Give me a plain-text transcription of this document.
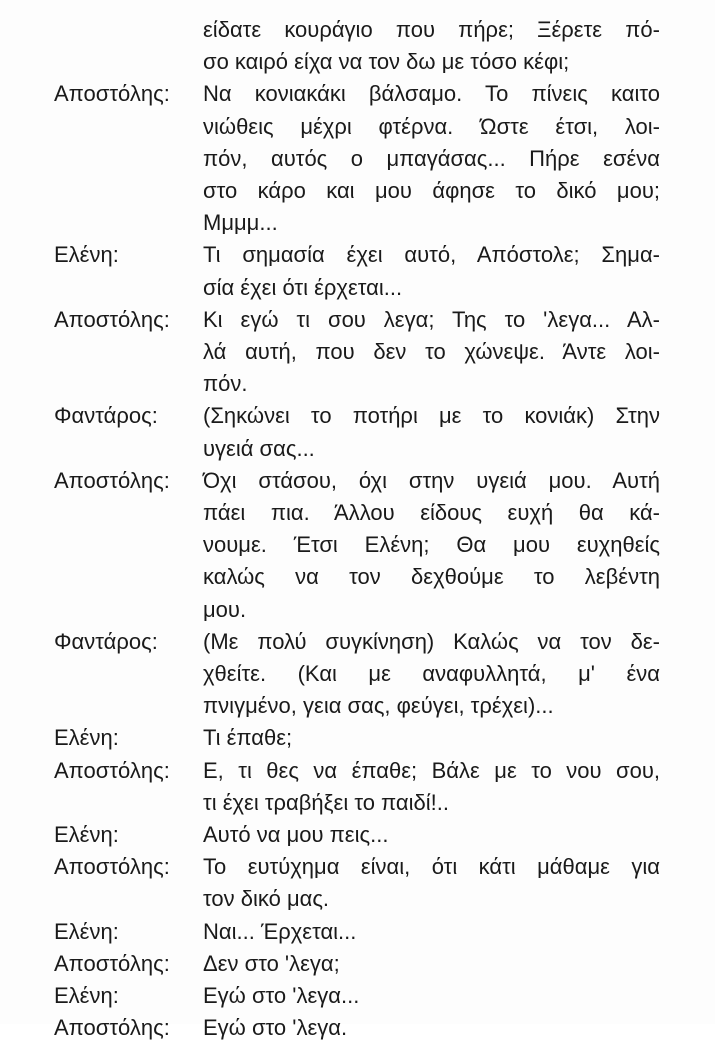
είδατε κουράγιο που πήρε; Ξέρετε πό-
σο καιρό είχα να τον δω με τόσο κέφι;
Αποστόλης:	Να κονιακάκι βάλσαμο. Το πίνεις καιτο
νιώθεις μέχρι φτέρνα. Ώστε έτσι, λοι-
πόν, αυτός ο μπαγάσας... Πήρε εσένα
στο κάρο και μου άφησε το δικό μου;
Μμμμ...
Ελένη:	Τι σημασία έχει αυτό, Απόστολε; Σημα-
σία έχει ότι έρχεται...
Αποστόλης:	Κι εγώ τι σου λεγα; Της το 'λεγα... Αλ-
λά αυτή, που δεν το χώνεψε. Άντε λοι-
πόν.
Φαντάρος:	(Σηκώνει το ποτήρι με το κονιάκ) Στην
υγειά σας...
Αποστόλης:	Όχι στάσου, όχι στην υγειά μου. Αυτή
πάει πια. Άλλου είδους ευχή θα κά-
νουμε. Έτσι Ελένη; Θα μου ευχηθείς
καλώς να τον δεχθούμε το λεβέντη
μου.
Φαντάρος:	(Με πολύ συγκίνηση) Καλώς να τον δε-
χθείτε. (Και με αναφυλλητά, μ' ένα
πνιγμένο, γεια σας, φεύγει, τρέχει)...
Ελένη:	Τι έπαθε;
Αποστόλης:	Ε, τι θες να έπαθε; Βάλε με το νου σου,
τι έχει τραβήξει το παιδί!..
Ελένη:	Αυτό να μου πεις...
Αποστόλης:	Το ευτύχημα είναι, ότι κάτι μάθαμε για
τον δικό μας.
Ελένη:	Ναι... Έρχεται...
Αποστόλης:	Δεν στο 'λεγα;
Ελένη:	Εγώ στο 'λεγα...
Αποστόλης:	Εγώ στο 'λεγα.
